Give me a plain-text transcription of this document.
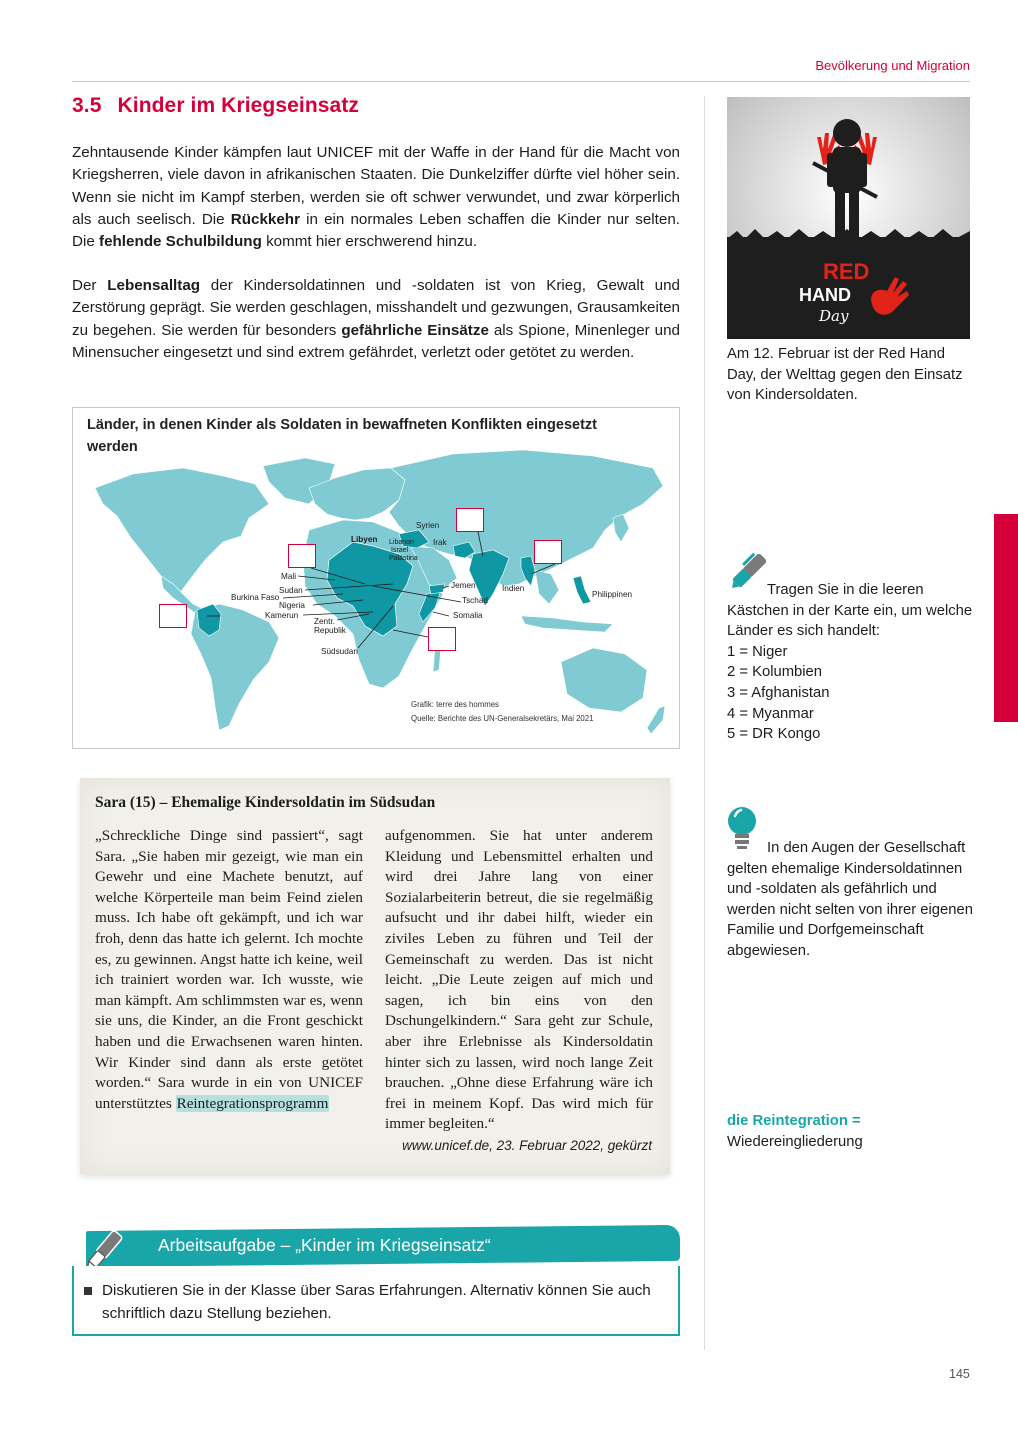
Bevölkerung und Migration
3.5 Kinder im Kriegseinsatz

Zehntausende Kinder kämpfen laut UNICEF mit der Waffe in der Hand für die Macht von Kriegsherren, viele davon in afrikanischen Staaten. Die Dunkelziffer dürfte viel höher sein. Wenn sie nicht im Kampf sterben, werden sie oft schwer verwundet, und zwar körperlich als auch seelisch. Die Rückkehr in ein normales Leben schaffen die Kinder nur selten. Die fehlende Schulbildung kommt hier erschwerend hinzu.

Der Lebensalltag der Kindersoldatinnen und -soldaten ist von Krieg, Gewalt und Zerstörung geprägt. Sie werden geschlagen, misshandelt und gezwungen, Grausamkeiten zu begehen. Sie werden für besonders gefährliche Einsätze als Spione, Minenleger und Minensucher eingesetzt und sind extrem gefährdet, verletzt oder getötet zu werden.

Länder, in denen Kinder als Soldaten in bewaffneten Konflikten eingesetzt werden
Syrien
Libyen	Irak
Libanon
Israel
Palästina
Mali
Jemen	Indien
Sudan	Philippinen
Burkina Faso	Tschad
Nigeria
Kamerun	Somalia
Zentr.
Republik
Südsudan
Grafik: terre des hommes
Quelle: Berichte des UN-Generalsekretärs, Mai 2021
Sara (15) – Ehemalige Kindersoldatin im Südsudan
„Schreckliche Dinge sind passiert“, sagt Sara. „Sie haben mir gezeigt, wie man ein Gewehr und eine Machete benutzt, auf welche Körperteile man beim Feind zielen muss. Ich habe oft gekämpft, und ich war froh, denn das hatte ich gelernt. Ich mochte es, zu gewinnen. Angst hatte ich keine, weil ich trainiert worden war. Ich wusste, wie man kämpft. Am schlimmsten war es, wenn sie uns, die Kinder, an die Front geschickt haben und die Erwachsenen waren hinten. Wir Kinder sind dann als erste getötet worden.“ Sara wurde in ein von UNICEF unterstütztes Reintegrationsprogramm
aufgenommen. Sie hat unter anderem Kleidung und Lebensmittel erhalten und wird drei Jahre lang von einer Sozialarbeiterin betreut, die sie regelmäßig aufsucht und ihr dabei hilft, wieder ein ziviles Leben zu führen und Teil der Gemeinschaft zu werden. Das ist nicht leicht. „Die Leute zeigen auf mich und sagen, ich bin eins von den Dschungelkindern.“ Sara geht zur Schule, aber ihre Erlebnisse als Kindersoldatin hinter sich zu lassen, wird noch lange Zeit brauchen. „Ohne diese Erfahrung wäre ich frei in meinem Kopf. Das wird mich für immer begleiten.“
www.unicef.de, 23. Februar 2022, gekürzt
Arbeitsaufgabe – „Kinder im Kriegseinsatz“
Diskutieren Sie in der Klasse über Saras Erfahrungen. Alternativ können Sie auch schriftlich dazu Stellung beziehen.
RED
HAND
Day
Am 12. Februar ist der Red Hand Day, der Welttag gegen den Einsatz von Kindersoldaten.
Tragen Sie in die leeren Kästchen in der Karte ein, um welche Länder es sich handelt:
1 = Niger
2 = Kolumbien
3 = Afghanistan
4 = Myanmar
5 = DR Kongo
In den Augen der Gesellschaft gelten ehemalige Kindersoldatinnen und -soldaten als gefährlich und werden nicht selten von ihrer eigenen Familie und Dorfgemeinschaft abgewiesen.
die Reintegration = Wiedereingliederung
145
